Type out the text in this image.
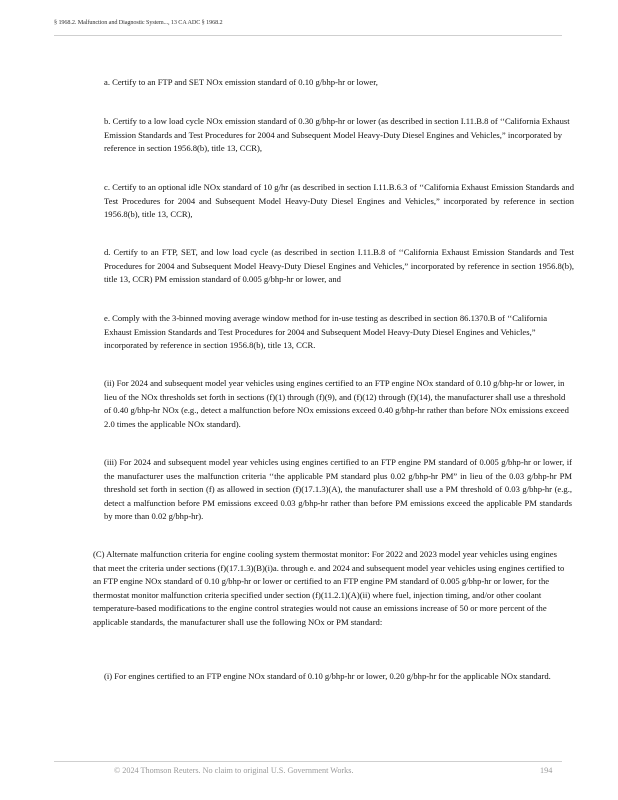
§ 1968.2. Malfunction and Diagnostic System..., 13 CA ADC § 1968.2

a. Certify to an FTP and SET NOx emission standard of 0.10 g/bhp-hr or lower,

b. Certify to a low load cycle NOx emission standard of 0.30 g/bhp-hr or lower (as described in section I.11.B.8 of ‘‘California Exhaust Emission Standards and Test Procedures for 2004 and Subsequent Model Heavy-Duty Diesel Engines and Vehicles,” incorporated by reference in section 1956.8(b), title 13, CCR),

c. Certify to an optional idle NOx standard of 10 g/hr (as described in section I.11.B.6.3 of ‘‘California Exhaust Emission Standards and Test Procedures for 2004 and Subsequent Model Heavy-Duty Diesel Engines and Vehicles,” incorporated by reference in section 1956.8(b), title 13, CCR),

d. Certify to an FTP, SET, and low load cycle (as described in section I.11.B.8 of ‘‘California Exhaust Emission Standards and Test Procedures for 2004 and Subsequent Model Heavy-Duty Diesel Engines and Vehicles,” incorporated by reference in section 1956.8(b), title 13, CCR) PM emission standard of 0.005 g/bhp-hr or lower, and

e. Comply with the 3-binned moving average window method for in-use testing as described in section 86.1370.B of ‘‘California Exhaust Emission Standards and Test Procedures for 2004 and Subsequent Model Heavy-Duty Diesel Engines and Vehicles,” incorporated by reference in section 1956.8(b), title 13, CCR.

(ii) For 2024 and subsequent model year vehicles using engines certified to an FTP engine NOx standard of 0.10 g/bhp-hr or lower, in lieu of the NOx thresholds set forth in sections (f)(1) through (f)(9), and (f)(12) through (f)(14), the manufacturer shall use a threshold of 0.40 g/bhp-hr NOx (e.g., detect a malfunction before NOx emissions exceed 0.40 g/bhp-hr rather than before NOx emissions exceed 2.0 times the applicable NOx standard).

(iii) For 2024 and subsequent model year vehicles using engines certified to an FTP engine PM standard of 0.005 g/bhp-hr or lower, if the manufacturer uses the malfunction criteria ‘‘the applicable PM standard plus 0.02 g/bhp-hr PM” in lieu of the 0.03 g/bhp-hr PM threshold set forth in section (f) as allowed in section (f)(17.1.3)(A), the manufacturer shall use a PM threshold of 0.03 g/bhp-hr (e.g., detect a malfunction before PM emissions exceed 0.03 g/bhp-hr rather than before PM emissions exceed the applicable PM standards by more than 0.02 g/bhp-hr).

(C) Alternate malfunction criteria for engine cooling system thermostat monitor: For 2022 and 2023 model year vehicles using engines that meet the criteria under sections (f)(17.1.3)(B)(i)a. through e. and 2024 and subsequent model year vehicles using engines certified to an FTP engine NOx standard of 0.10 g/bhp-hr or lower or certified to an FTP engine PM standard of 0.005 g/bhp-hr or lower, for the thermostat monitor malfunction criteria specified under section (f)(11.2.1)(A)(ii) where fuel, injection timing, and/or other coolant temperature-based modifications to the engine control strategies would not cause an emissions increase of 50 or more percent of the applicable standards, the manufacturer shall use the following NOx or PM standard:

(i) For engines certified to an FTP engine NOx standard of 0.10 g/bhp-hr or lower, 0.20 g/bhp-hr for the applicable NOx standard.

© 2024 Thomson Reuters. No claim to original U.S. Government Works.	194
